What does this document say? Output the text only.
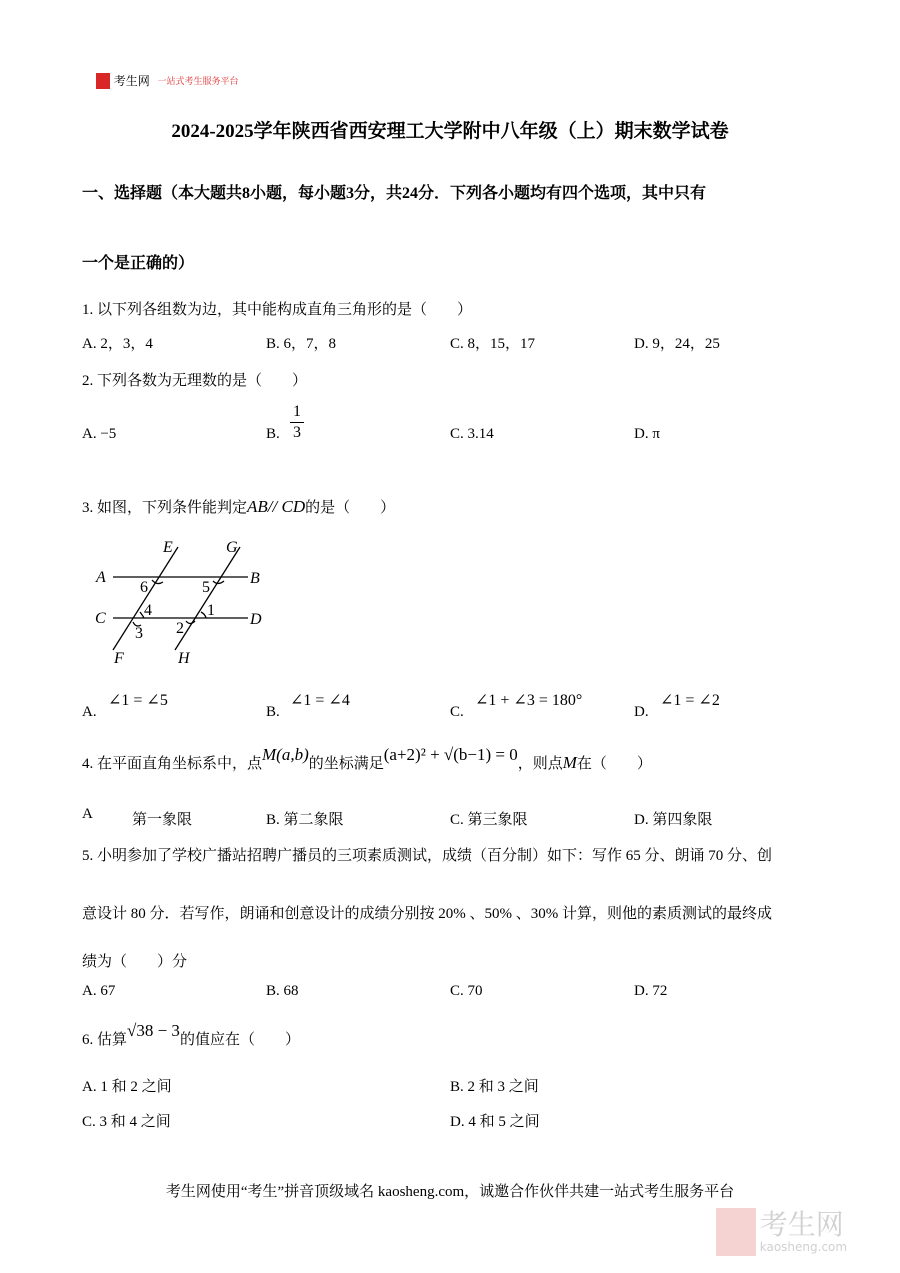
考生网 一站式考生服务平台
2024-2025学年陕西省西安理工大学附中八年级（上）期末数学试卷
一、选择题（本大题共8小题，每小题3分，共24分．下列各小题均有四个选项，其中只有
一个是正确的）
1. 以下列各组数为边，其中能构成直角三角形的是（　　）
A. 2，3，4	B. 6，7，8	C. 8，15，17	D. 9，24，25
2. 下列各数为无理数的是（　　）
A. −5	B. $\frac{1}{3}$	C. 3.14	D. π
3. 如图，下列条件能判定AB// CD的是（　　）
E	G
A	B
C	D
F	H
6	5
4	1
3 2
A.
∠1 = ∠5
B.
∠1 = ∠4
C.
∠1 + ∠3 = 180°
D.
∠1 = ∠2
4. 在平面直角坐标系中，点M(a,b)的坐标满足(a+2)² + √(b−1) = 0，则点M在（　　）
A	第一象限	B. 第二象限	C. 第三象限	D. 第四象限
5. 小明参加了学校广播站招聘广播员的三项素质测试，成绩（百分制）如下：写作 65 分、朗诵 70 分、创
意设计 80 分．若写作，朗诵和创意设计的成绩分别按 20% 、50% 、30% 计算，则他的素质测试的最终成
绩为（　　）分
A. 67	B. 68	C. 70	D. 72
6. 估算√38 − 3的值应在（　　）
A. 1 和 2 之间	B. 2 和 3 之间
C. 3 和 4 之间	D. 4 和 5 之间
考生网使用“考生”拼音顶级域名 kaosheng.com，诚邀合作伙伴共建一站式考生服务平台

考生网
kaosheng.com
